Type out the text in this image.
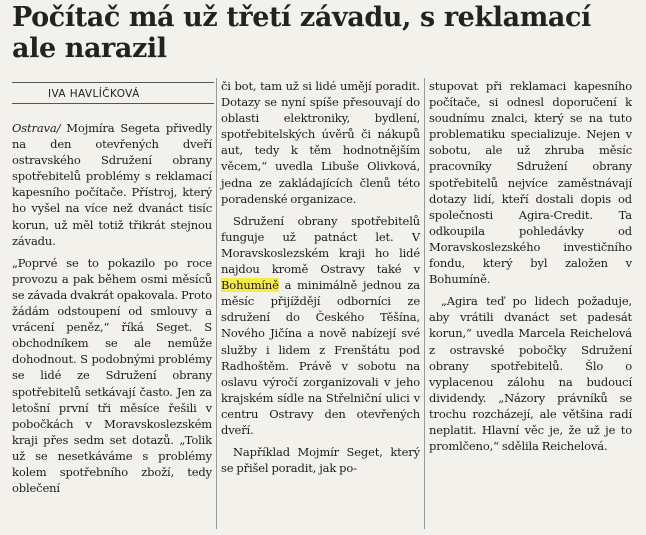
Počítač má už třetí závadu, s reklamací ale narazil
IVA HAVLÍČKOVÁ

Ostrava/ Mojmíra Segeta přivedly na den otevřených dveří ostravského Sdružení obrany spotřebitelů problémy s reklamací kapesního počítače. Přístroj, který ho vyšel na více než dvanáct tisíc korun, už měl totiž třikrát stejnou závadu.

„Poprvé se to pokazilo po roce provozu a pak během osmi měsíců se závada dvakrát opakovala. Proto žádám odstoupení od smlouvy a vrácení peněz,“ říká Seget. S obchodníkem se ale nemůže dohodnout. S podobnými problémy se lidé ze Sdružení obrany spotřebitelů setkávají často. Jen za letošní první tři měsíce řešili v pobočkách v Moravskoslezském kraji přes sedm set dotazů. „Tolik už se nesetkáváme s problémy kolem spotřebního zboží, tedy oblečení

či bot, tam už si lidé umějí poradit. Dotazy se nyní spíše přesouvají do oblasti elektroniky, bydlení, spotřebitelských úvěrů či nákupů aut, tedy k těm hodnotnějším věcem,“ uvedla Libuše Olivková, jedna ze zakládajících členů této poradenské organizace.

Sdružení obrany spotřebitelů funguje už patnáct let. V Moravskoslezském kraji ho lidé najdou kromě Ostravy také v Bohumíně a minimálně jednou za měsíc přijíždějí odborníci ze sdružení do Českého Těšína, Nového Jičína a nově nabízejí své služby i lidem z Frenštátu pod Radhoštěm. Právě v sobotu na oslavu výročí zorganizovali v jeho krajském sídle na Střelniční ulici v centru Ostravy den otevřených dveří.

Například Mojmír Seget, který se přišel poradit, jak po-

stupovat při reklamaci kapesního počítače, si odnesl doporučení k soudnímu znalci, který se na tuto problematiku specializuje. Nejen v sobotu, ale už zhruba měsíc pracovníky Sdružení obrany spotřebitelů nejvíce zaměstnávají dotazy lidí, kteří dostali dopis od společnosti Agira-Credit. Ta odkoupila pohledávky od Moravskoslezského investičního fondu, který byl založen v Bohumíně.

„Agira teď po lidech požaduje, aby vrátili dvanáct set padesát korun,“ uvedla Marcela Reichelová z ostravské pobočky Sdružení obrany spotřebitelů. Šlo o vyplacenou zálohu na budoucí dividendy. „Názory právníků se trochu rozcházejí, ale většina radí neplatit. Hlavní věc je, že už je to promlčeno,“ sdělila Reichelová.
